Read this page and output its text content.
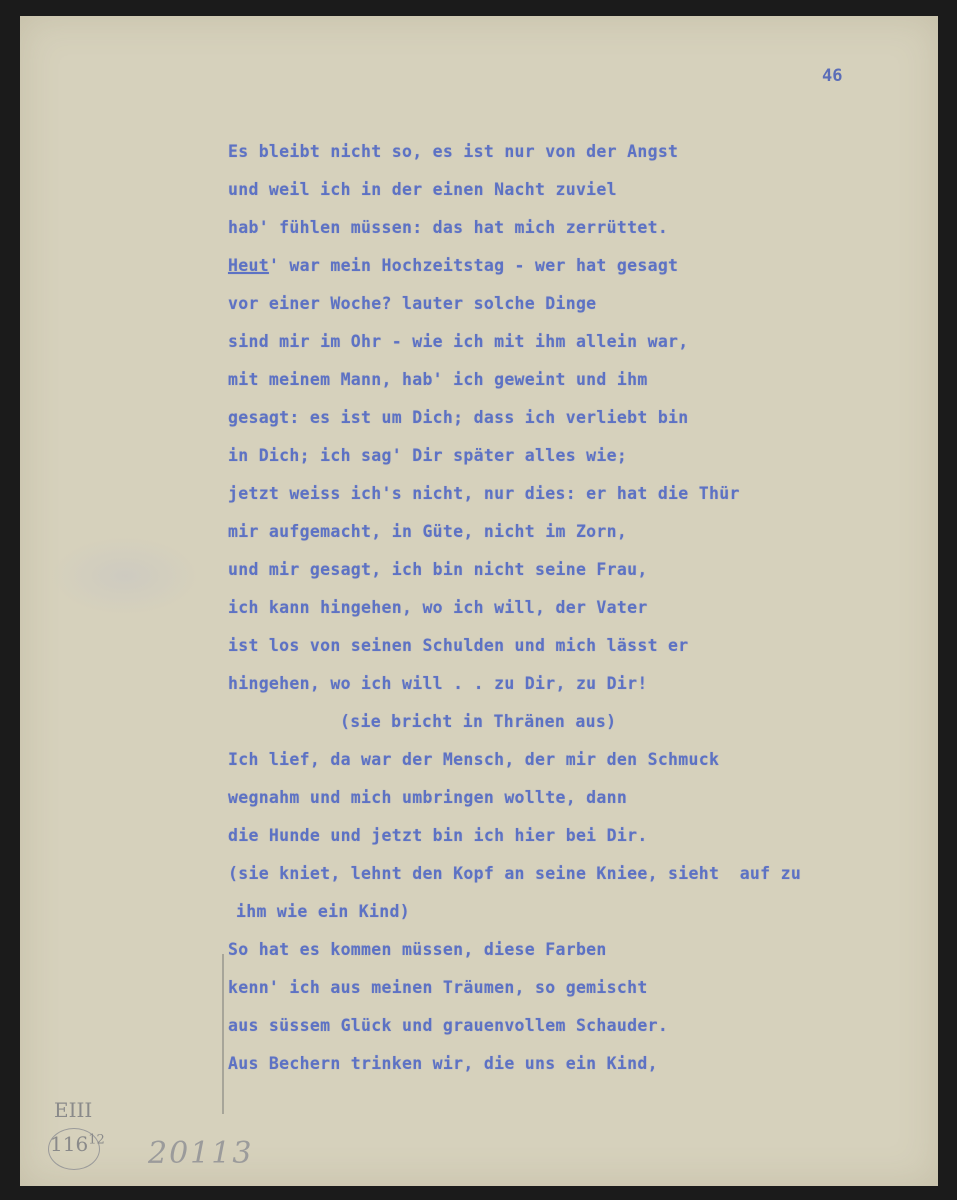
46
Es bleibt nicht so, es ist nur von der Angst
und weil ich in der einen Nacht zuviel
hab' fühlen müssen: das hat mich zerrüttet.
Heut' war mein Hochzeitstag - wer hat gesagt
vor einer Woche? lauter solche Dinge
sind mir im Ohr - wie ich mit ihm allein war,
mit meinem Mann, hab' ich geweint und ihm
gesagt: es ist um Dich; dass ich verliebt bin
in Dich; ich sag' Dir später alles wie;
jetzt weiss ich's nicht, nur dies: er hat die Thür
mir aufgemacht, in Güte, nicht im Zorn,
und mir gesagt, ich bin nicht seine Frau,
ich kann hingehen, wo ich will, der Vater
ist los von seinen Schulden und mich lässt er
hingehen, wo ich will . . zu Dir, zu Dir!
(sie bricht in Thränen aus)
Ich lief, da war der Mensch, der mir den Schmuck
wegnahm und mich umbringen wollte, dann
die Hunde und jetzt bin ich hier bei Dir.
(sie kniet, lehnt den Kopf an seine Kniee, sieht  auf zu
ihm wie ein Kind)
So hat es kommen müssen, diese Farben
kenn' ich aus meinen Träumen, so gemischt
aus süssem Glück und grauenvollem Schauder.
Aus Bechern trinken wir, die uns ein Kind,
EIII
$116^{12}$ 20113
